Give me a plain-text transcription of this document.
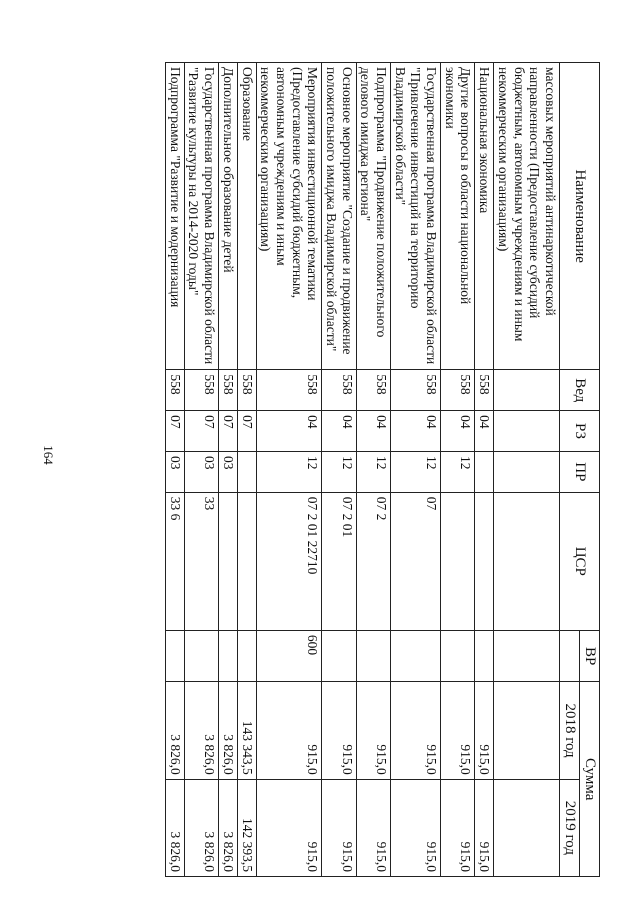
164
Наименование	Вед	РЗ	ПР	ЦСР	ВР	Сумма	
						2018 год	2019 год

массовых мероприятий антинаркотической направленности (Предоставление субсидий бюджетным, автономным учреждениям и иным некоммерческим организациям)							
Национальная экономика	558	04				915,0	915,0
Другие вопросы в области национальной экономики	558	04	12			915,0	915,0
Государственная программа Владимирской области "Привлечение инвестиций на территорию Владимирской области"	558	04	12	07		915,0	915,0
Подпрограмма "Продвижение положительного делового имиджа региона"	558	04	12	07 2		915,0	915,0
Основное мероприятие "Создание и продвижение положительного имиджа Владимирской области"	558	04	12	07 2 01		915,0	915,0
Мероприятия инвестиционной тематики (Предоставление субсидий бюджетным, автономным учреждениям и иным некоммерческим организациям)	558	04	12	07 2 01 22710	600	915,0	915,0
Образование	558	07				143 343,5	142 393,5
Дополнительное образование детей	558	07	03			3 826,0	3 826,0
Государственная программа Владимирской области "Развитие культуры на 2014-2020 годы"	558	07	03	33		3 826,0	3 826,0
Подпрограмма "Развитие и модернизация	558	07	03	33 6		3 826,0	3 826,0
